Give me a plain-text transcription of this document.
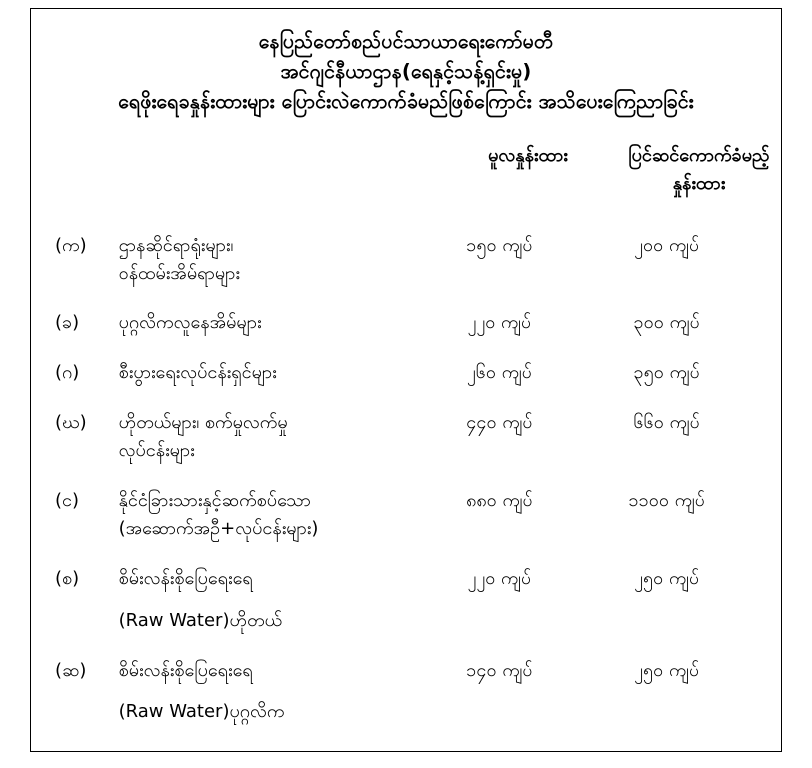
နေပြည်တော်စည်ပင်သာယာရေးကော်မတီ
အင်ဂျင်နီယာဌာန(ရေနှင့်သန့်ရှင်းမှု)
ရေဖိုးရေခနှုန်းထားများ ပြောင်းလဲကောက်ခံမည်ဖြစ်ကြောင်း အသိပေးကြေညာခြင်း
မူလနှုန်းထား	ပြင်ဆင်ကောက်ခံမည့်
နှုန်းထား
(က)	ဌာနဆိုင်ရာရုံးများ၊
ဝန်ထမ်းအိမ်ရာများ	၁၅၀ ကျပ်	၂၀၀ ကျပ်
(ခ)	ပုဂ္ဂလိကလူနေအိမ်များ	၂၂၀ ကျပ်	၃၀၀ ကျပ်
(ဂ)	စီးပွားရေးလုပ်ငန်းရှင်များ	၂၆၀ ကျပ်	၃၅၀ ကျပ်
(ဃ)	ဟိုတယ်များ၊ စက်မှုလက်မှု
လုပ်ငန်းများ	၄၄၀ ကျပ်	၆၆၀ ကျပ်
(င)	နိုင်ငံခြားသားနှင့်ဆက်စပ်သော
(အဆောက်အဦ+လုပ်ငန်းများ)	၈၈၀ ကျပ်	၁၁၀၀ ကျပ်
(စ)	စိမ်းလန်းစိုပြေရေးရေ
(Raw Water)ဟိုတယ်	၂၂၀ ကျပ်	၂၅၀ ကျပ်
(ဆ)	စိမ်းလန်းစိုပြေရေးရေ
(Raw Water)ပုဂ္ဂလိက	၁၄၀ ကျပ်	၂၅၀ ကျပ်
